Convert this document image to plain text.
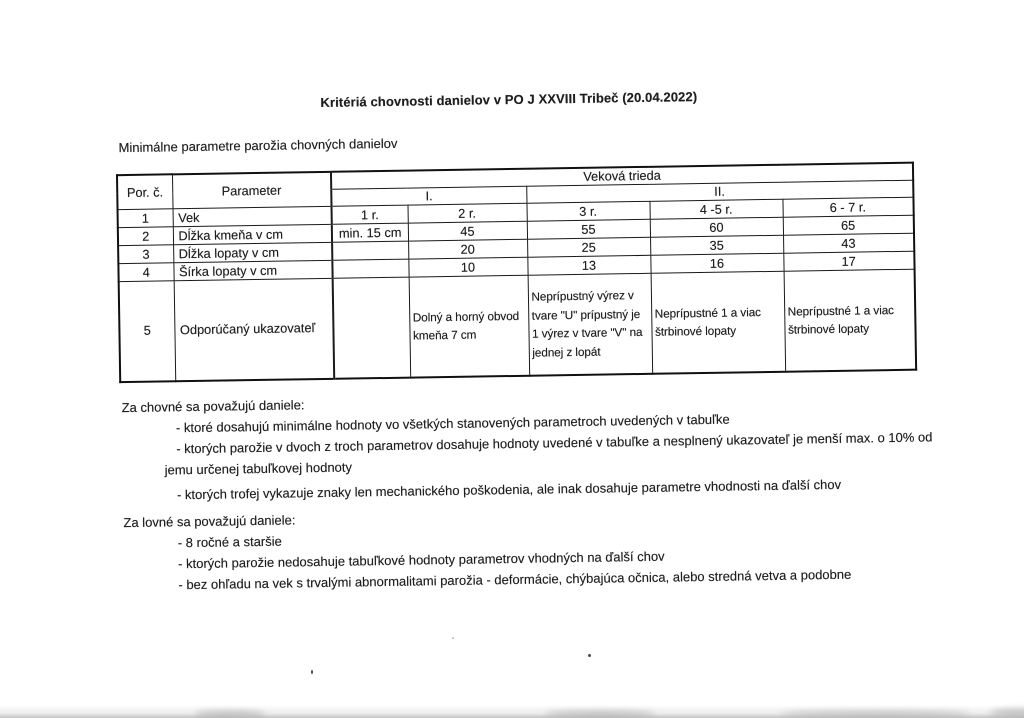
Kritériá chovnosti danielov v PO J XXVIII Tribeč (20.04.2022)
Minimálne parametre parožia chovných danielov
Por. č.	Parameter	Veková trieda				
		I.		II.		
1	Vek	1 r.	2 r.	3 r.	4 -5 r.	6 - 7 r.
2	Dĺžka kmeňa v cm	min. 15 cm	45	55	60	65
3	Dĺžka lopaty v cm		20	25	35	43
4	Šírka lopaty v cm		10	13	16	17
5	Odporúčaný ukazovateľ		Dolný a horný obvod kmeňa 7 cm	Neprípustný výrez v tvare "U" prípustný je 1 výrez v tvare "V" na jednej z lopát	Neprípustné 1 a viac štrbinové lopaty	Neprípustné 1 a viac štrbinové lopaty

Za chovné sa považujú daniele:

- ktoré dosahujú minimálne hodnoty vo všetkých stanovených parametroch uvedených v tabuľke

- ktorých parožie v dvoch z troch parametrov dosahuje hodnoty uvedené v tabuľke a nesplnený ukazovateľ je menší max. o 10% od jemu určenej tabuľkovej hodnoty

- ktorých trofej vykazuje znaky len mechanického poškodenia, ale inak dosahuje parametre vhodnosti na ďalší chov

Za lovné sa považujú daniele:

- 8 ročné a staršie

- ktorých parožie nedosahuje tabuľkové hodnoty parametrov vhodných na ďalší chov

- bez ohľadu na vek s trvalými abnormalitami parožia - deformácie, chýbajúca očnica, alebo stredná vetva a podobne
